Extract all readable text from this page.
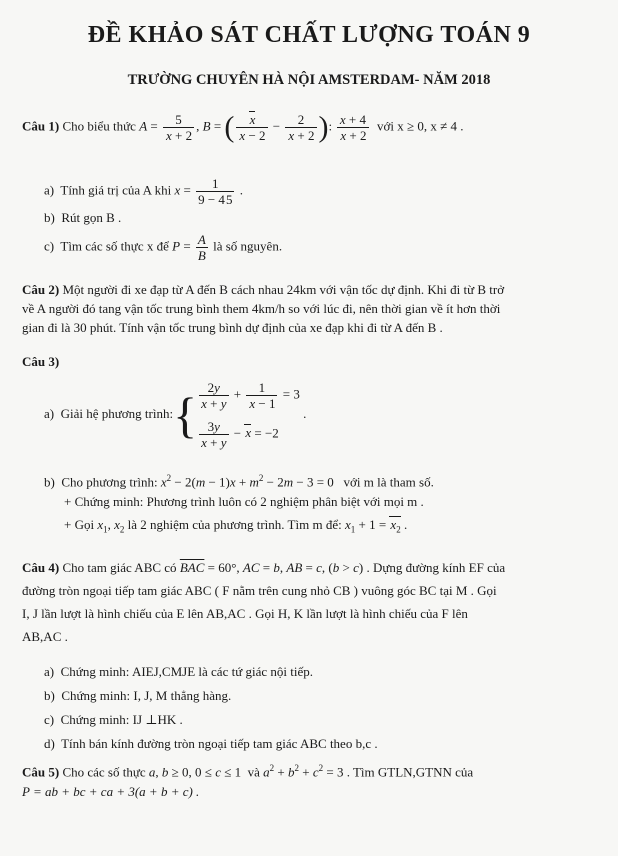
ĐỀ KHẢO SÁT CHẤT LƯỢNG TOÁN 9
TRƯỜNG CHUYÊN HÀ NỘI AMSTERDAM- NĂM 2018
Câu 1) Cho biểu thức $A = \frac{5}{x + 2}$ , B = ( $\frac{x}{x - 2} - \frac{2}{x + 2}$ ): $\frac{x + 4}{x + 2}$ với x ≥ 0, x ≠ 4 .
a) Tính giá trị của A khi $x = \frac{1}{9 - 45}$ .
b) Rút gọn B .
c) Tìm các số thực x để $P = \frac{A}{B}$ là số nguyên.
Câu 2) Một người đi xe đạp từ A đến B cách nhau 24km với vận tốc dự định. Khi đi từ B trở
về A người đó tang vận tốc trung bình them 4km/h so với lúc đi, nên thời gian về ít hơn thời
gian đi là 30 phút. Tính vận tốc trung bình dự định của xe đạp khi đi từ A đến B .
Câu 3)
a) Giải hệ phương trình:{ $\frac{2y}{x + y} + \frac{1}{x - 1} = 3$
$\frac{3y}{x + y} - x = -2$
.
b) Cho phương trình: $x^2 - 2(m - 1)x + m^2 - 2m - 3 = 0$   với m là tham số.
+ Chứng minh: Phương trình luôn có 2 nghiệm phân biệt với mọi m .
+ Gọi $x_1$, $x_2$ là 2 nghiệm của phương trình. Tìm m để: $x_1 + 1 = x_2$ .
Câu 4) Cho tam giác ABC có $\overline{BAC} = 60^\circ$, AC = b, AB = c, (b > c) . Dựng đường kính EF của
đường tròn ngoại tiếp tam giác ABC ( F nằm trên cung nhỏ CB ) vuông góc BC tại M . Gọi
I, J lần lượt là hình chiếu của E lên AB,AC . Gọi H, K lần lượt là hình chiếu của F lên
AB,AC .
a) Chứng minh: AIEJ,CMJE là các tứ giác nội tiếp.
b) Chứng minh: I, J, M thẳng hàng.
c) Chứng minh: IJ ⊥HK .
d) Tính bán kính đường tròn ngoại tiếp tam giác ABC theo b,c .
Câu 5) Cho các số thực a, b ≥ 0, 0 ≤ c ≤ 1  và $a^2 + b^2 + c^2 = 3$ . Tìm GTLN,GTNN của
P = ab + bc + ca + 3(a + b + c) .
